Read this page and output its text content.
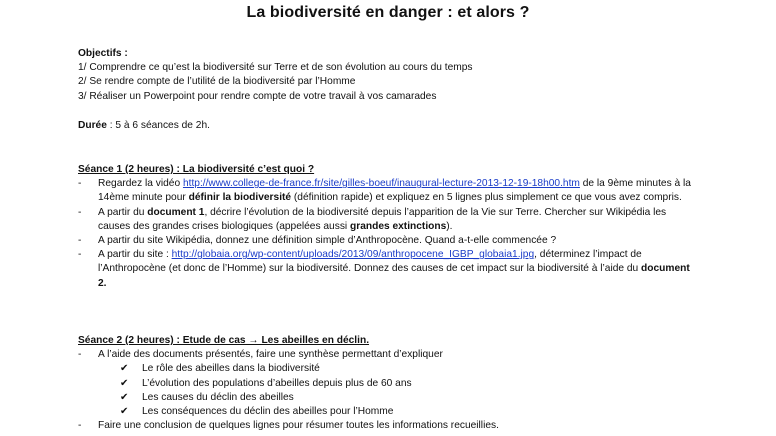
La biodiversité en danger : et alors ?
Objectifs :
1/ Comprendre ce qu’est la biodiversité sur Terre et de son évolution au cours du temps
2/ Se rendre compte de l’utilité de la biodiversité par l’Homme
3/ Réaliser un Powerpoint pour rendre compte de votre travail à vos camarades
Durée : 5 à 6 séances de 2h.
Séance 1 (2 heures) : La biodiversité c’est quoi ?
- Regardez la vidéo http://www.college-de-france.fr/site/gilles-boeuf/inaugural-lecture-2013-12-19-18h00.htm de la 9ème minutes à la 14ème minute pour définir la biodiversité (définition rapide) et expliquez en 5 lignes plus simplement ce que vous avez compris.
- A partir du document 1, décrire l’évolution de la biodiversité depuis l’apparition de la Vie sur Terre. Chercher sur Wikipédia les causes des grandes crises biologiques (appelées aussi grandes extinctions).
- A partir du site Wikipédia, donnez une définition simple d’Anthropocène. Quand a-t-elle commencée ?
- A partir du site : http://globaia.org/wp-content/uploads/2013/09/anthropocene_IGBP_globaia1.jpg, déterminez l’impact de l’Anthropocène (et donc de l’Homme) sur la biodiversité. Donnez des causes de cet impact sur la biodiversité à l’aide du document 2.
Séance 2 (2 heures) : Etude de cas → Les abeilles en déclin.
- A l’aide des documents présentés, faire une synthèse permettant d’expliquer
✔ Le rôle des abeilles dans la biodiversité
✔ L’évolution des populations d’abeilles depuis plus de 60 ans
✔ Les causes du déclin des abeilles
✔ Les conséquences du déclin des abeilles pour l’Homme
- Faire une conclusion de quelques lignes pour résumer toutes les informations recueillies.
